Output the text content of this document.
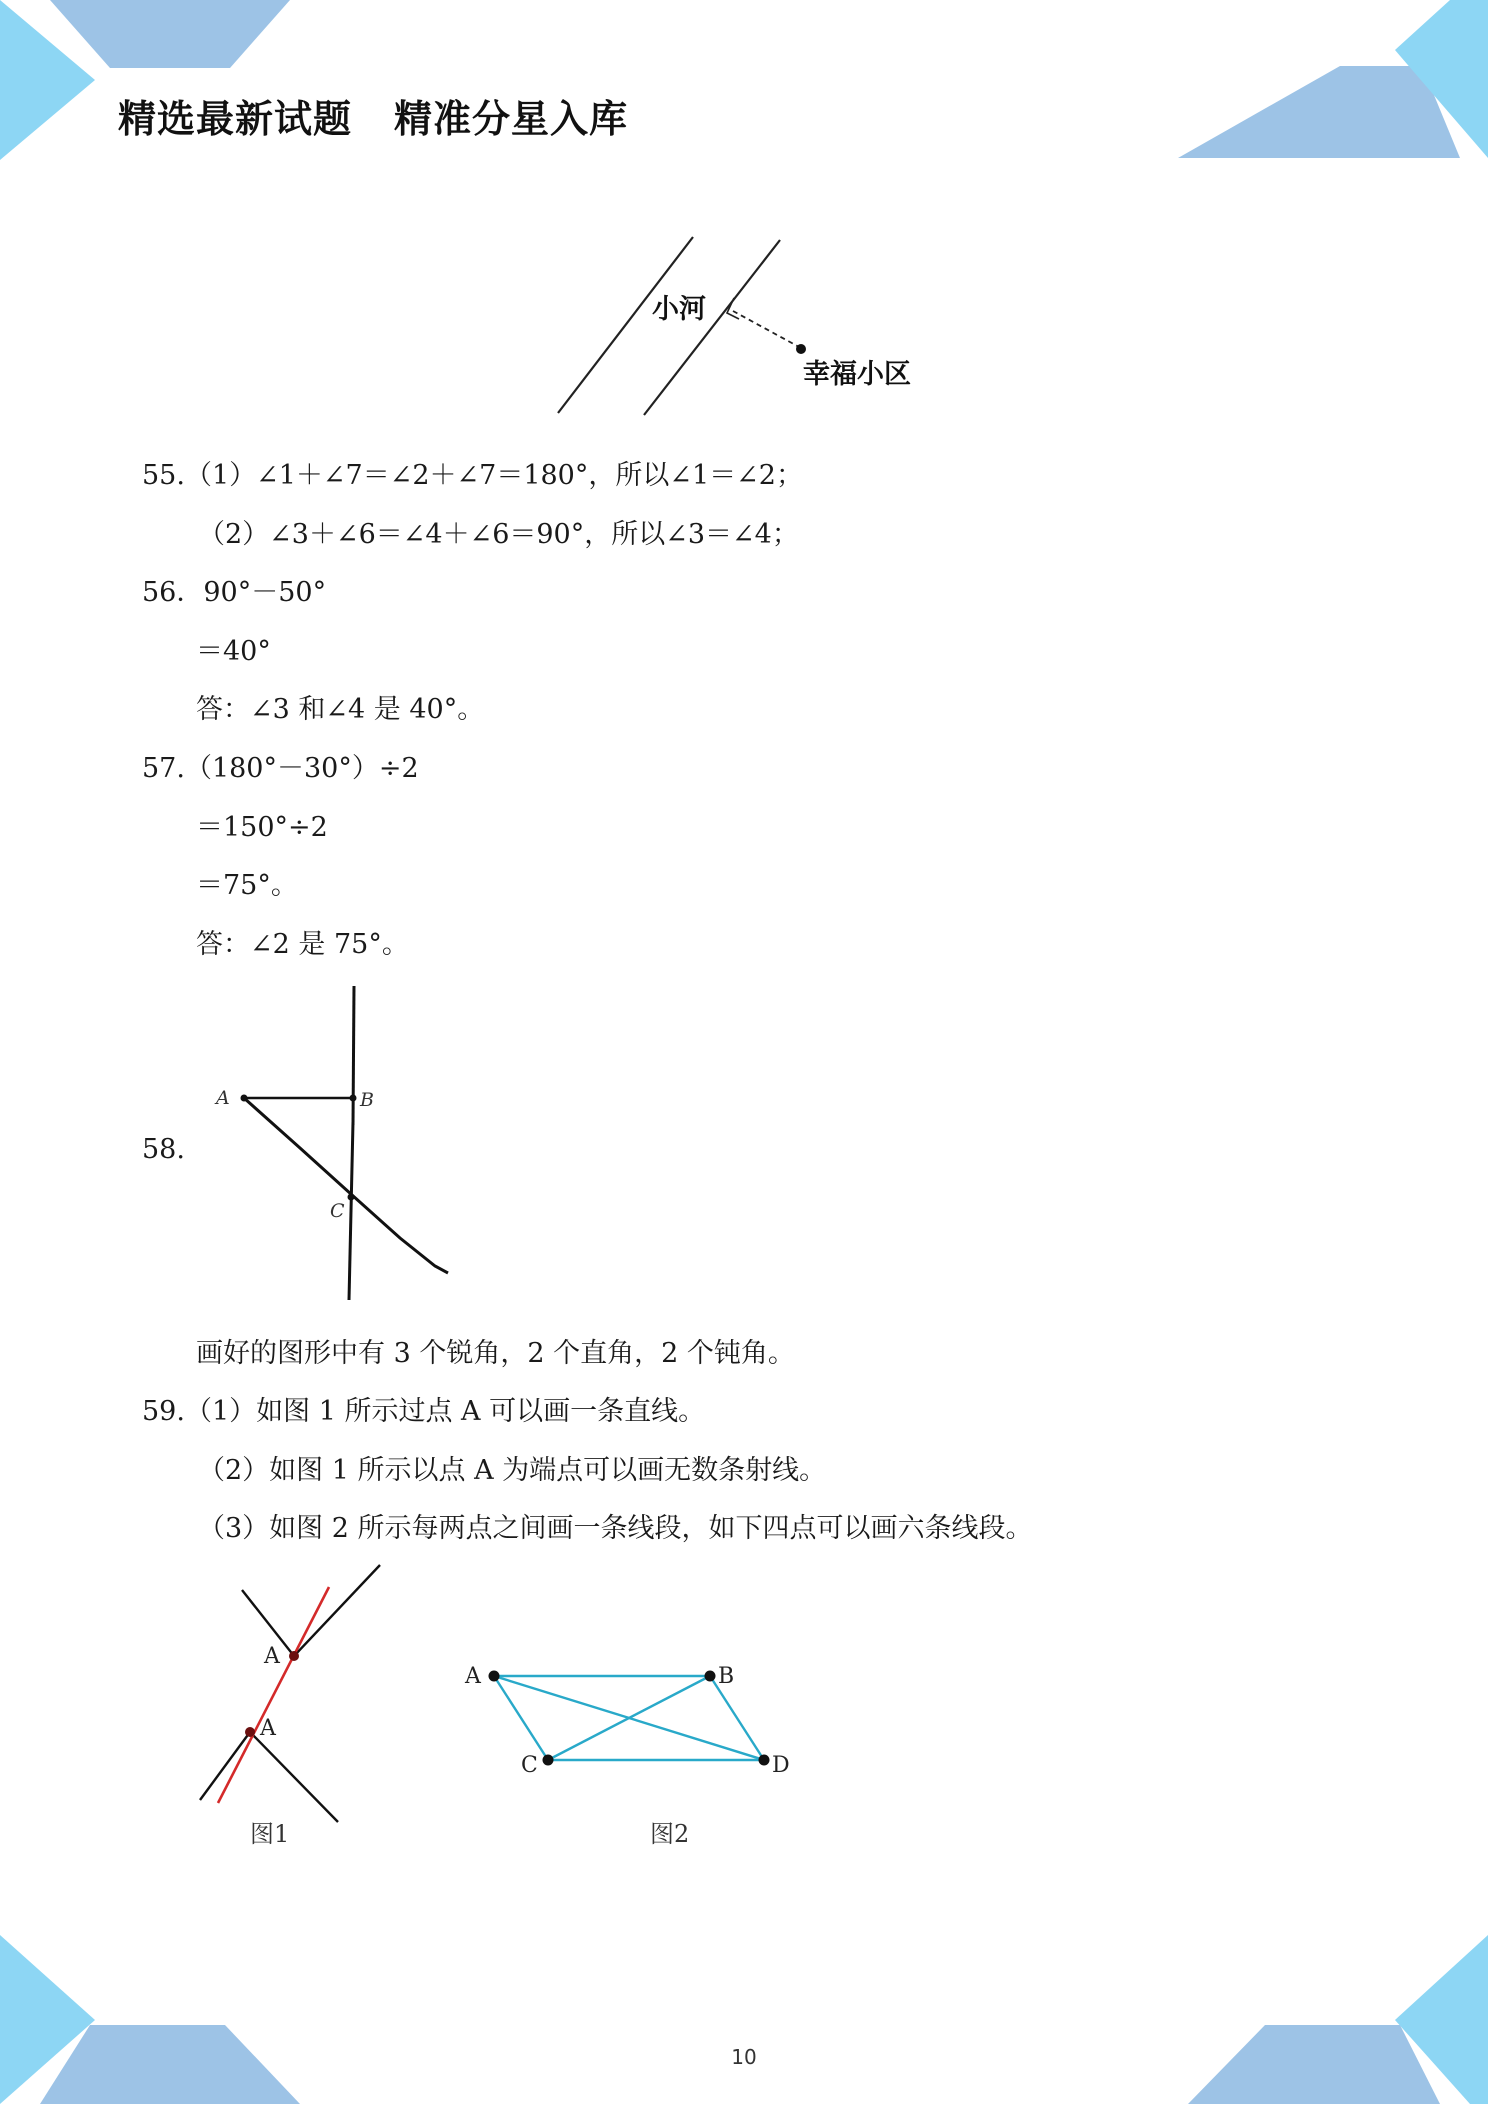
精选最新试题 精准分星入库
小河
幸福小区
55.（1）∠1＋∠7＝∠2＋∠7＝180°，所以∠1＝∠2；
（2）∠3＋∠6＝∠4＋∠6＝90°，所以∠3＝∠4；
56．90°－50°
＝40°
答：∠3 和∠4 是 40°。
57.（180°－30°）÷2
＝150°÷2
＝75°。
答：∠2 是 75°。
58.
A	B
C
画好的图形中有 3 个锐角，2 个直角，2 个钝角。
59.（1）如图 1 所示过点 A 可以画一条直线。
（2）如图 1 所示以点 A 为端点可以画无数条射线。
（3）如图 2 所示每两点之间画一条线段，如下四点可以画六条线段。
A
A
图1
A	B
C	D
图2
10
